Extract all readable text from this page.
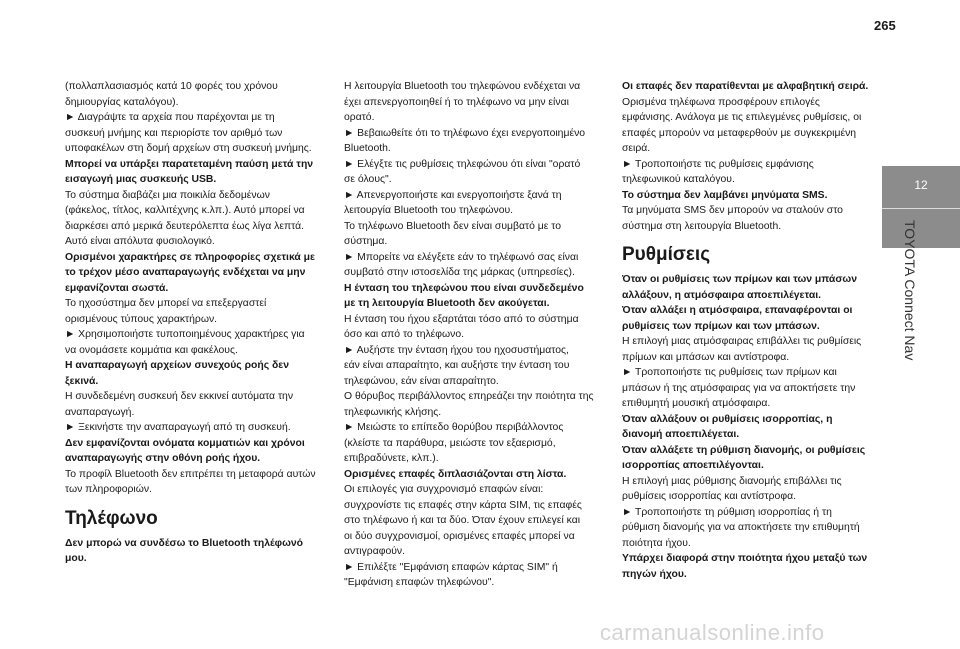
265
12
TOYOTA Connect Nav
(πολλαπλασιασμός κατά 10 φορές του χρόνου
δημιουργίας καταλόγου).
► Διαγράψτε τα αρχεία που παρέχονται με τη
συσκευή μνήμης και περιορίστε τον αριθμό των
υποφακέλων στη δομή αρχείων στη συσκευή μνήμης.
Μπορεί να υπάρξει παρατεταμένη παύση μετά την
εισαγωγή μιας συσκευής USB.
Το σύστημα διαβάζει μια ποικιλία δεδομένων
(φάκελος, τίτλος, καλλιτέχνης κ.λπ.). Αυτό μπορεί να
διαρκέσει από μερικά δευτερόλεπτα έως λίγα λεπτά.
Αυτό είναι απόλυτα φυσιολογικό.
Ορισμένοι χαρακτήρες σε πληροφορίες σχετικά με
το τρέχον μέσο αναπαραγωγής ενδέχεται να μην
εμφανίζονται σωστά.
Το ηχοσύστημα δεν μπορεί να επεξεργαστεί
ορισμένους τύπους χαρακτήρων.
► Χρησιμοποιήστε τυποποιημένους χαρακτήρες για
να ονομάσετε κομμάτια και φακέλους.
Η αναπαραγωγή αρχείων συνεχούς ροής δεν
ξεκινά.
Η συνδεδεμένη συσκευή δεν εκκινεί αυτόματα την
αναπαραγωγή.
► Ξεκινήστε την αναπαραγωγή από τη συσκευή.
Δεν εμφανίζονται ονόματα κομματιών και χρόνοι
αναπαραγωγής στην οθόνη ροής ήχου.
Το προφίλ Bluetooth δεν επιτρέπει τη μεταφορά αυτών
των πληροφοριών.
Τηλέφωνο
Δεν μπορώ να συνδέσω το Bluetooth τηλέφωνό
μου.
Η λειτουργία Bluetooth του τηλεφώνου ενδέχεται να
έχει απενεργοποιηθεί ή το τηλέφωνο να μην είναι
ορατό.
► Βεβαιωθείτε ότι το τηλέφωνο έχει ενεργοποιημένο
Bluetooth.
► Ελέγξτε τις ρυθμίσεις τηλεφώνου ότι είναι "ορατό
σε όλους".
► Απενεργοποιήστε και ενεργοποιήστε ξανά τη
λειτουργία Bluetooth του τηλεφώνου.
Το τηλέφωνο Bluetooth δεν είναι συμβατό με το
σύστημα.
► Μπορείτε να ελέγξετε εάν το τηλέφωνό σας είναι
συμβατό στην ιστοσελίδα της μάρκας (υπηρεσίες).
Η ένταση του τηλεφώνου που είναι συνδεδεμένο
με τη λειτουργία Bluetooth δεν ακούγεται.
Η ένταση του ήχου εξαρτάται τόσο από το σύστημα
όσο και από το τηλέφωνο.
► Αυξήστε την ένταση ήχου του ηχοσυστήματος,
εάν είναι απαραίτητο, και αυξήστε την ένταση του
τηλεφώνου, εάν είναι απαραίτητο.
Ο θόρυβος περιβάλλοντος επηρεάζει την ποιότητα της
τηλεφωνικής κλήσης.
► Μειώστε το επίπεδο θορύβου περιβάλλοντος
(κλείστε τα παράθυρα, μειώστε τον εξαερισμό,
επιβραδύνετε, κλπ.).
Ορισμένες επαφές διπλασιάζονται στη λίστα.
Οι επιλογές για συγχρονισμό επαφών είναι:
συγχρονίστε τις επαφές στην κάρτα SIM, τις επαφές
στο τηλέφωνο ή και τα δύο. Όταν έχουν επιλεγεί και
οι δύο συγχρονισμοί, ορισμένες επαφές μπορεί να
αντιγραφούν.
► Επιλέξτε "Εμφάνιση επαφών κάρτας SIM" ή
"Εμφάνιση επαφών τηλεφώνου".
Οι επαφές δεν παρατίθενται με αλφαβητική σειρά.
Ορισμένα τηλέφωνα προσφέρουν επιλογές
εμφάνισης. Ανάλογα με τις επιλεγμένες ρυθμίσεις, οι
επαφές μπορούν να μεταφερθούν με συγκεκριμένη
σειρά.
► Τροποποιήστε τις ρυθμίσεις εμφάνισης
τηλεφωνικού καταλόγου.
Το σύστημα δεν λαμβάνει μηνύματα SMS.
Τα μηνύματα SMS δεν μπορούν να σταλούν στο
σύστημα στη λειτουργία Bluetooth.
Ρυθμίσεις
Όταν οι ρυθμίσεις των πρίμων και των μπάσων
αλλάξουν, η ατμόσφαιρα αποεπιλέγεται.
Όταν αλλάξει η ατμόσφαιρα, επαναφέρονται οι
ρυθμίσεις των πρίμων και των μπάσων.
Η επιλογή μιας ατμόσφαιρας επιβάλλει τις ρυθμίσεις
πρίμων και μπάσων και αντίστροφα.
► Τροποποιήστε τις ρυθμίσεις των πρίμων και
μπάσων ή της ατμόσφαιρας για να αποκτήσετε την
επιθυμητή μουσική ατμόσφαιρα.
Όταν αλλάξουν οι ρυθμίσεις ισορροπίας, η
διανομή αποεπιλέγεται.
Όταν αλλάξετε τη ρύθμιση διανομής, οι ρυθμίσεις
ισορροπίας αποεπιλέγονται.
Η επιλογή μιας ρύθμισης διανομής επιβάλλει τις
ρυθμίσεις ισορροπίας και αντίστροφα.
► Τροποποιήστε τη ρύθμιση ισορροπίας ή τη
ρύθμιση διανομής για να αποκτήσετε την επιθυμητή
ποιότητα ήχου.
Υπάρχει διαφορά στην ποιότητα ήχου μεταξύ των
πηγών ήχου.
carmanualsonline.info
